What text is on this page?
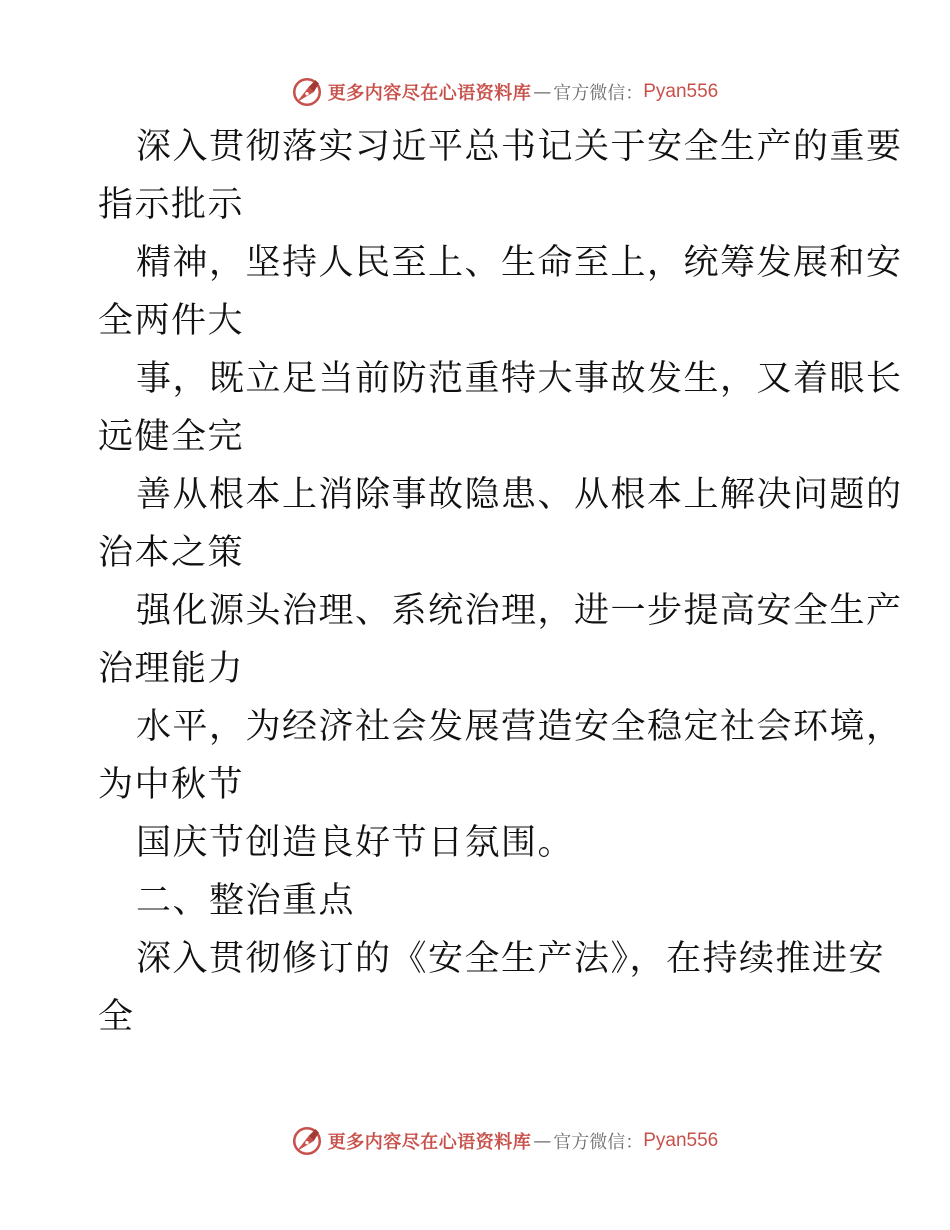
更多内容尽在心语资料库 — 官方微信： Pyan556
深入贯彻落实习近平总书记关于安全生产的重要
指示批示
精神，坚持人民至上、生命至上，统筹发展和安
全两件大
事，既立足当前防范重特大事故发生，又着眼长
远健全完
善从根本上消除事故隐患、从根本上解决问题的
治本之策
强化源头治理、系统治理，进一步提高安全生产
治理能力
水平，为经济社会发展营造安全稳定社会环境，
为中秋节
国庆节创造良好节日氛围。
二、整治重点
深入贯彻修订的《安全生产法》，在持续推进安
全
更多内容尽在心语资料库 — 官方微信： Pyan556
